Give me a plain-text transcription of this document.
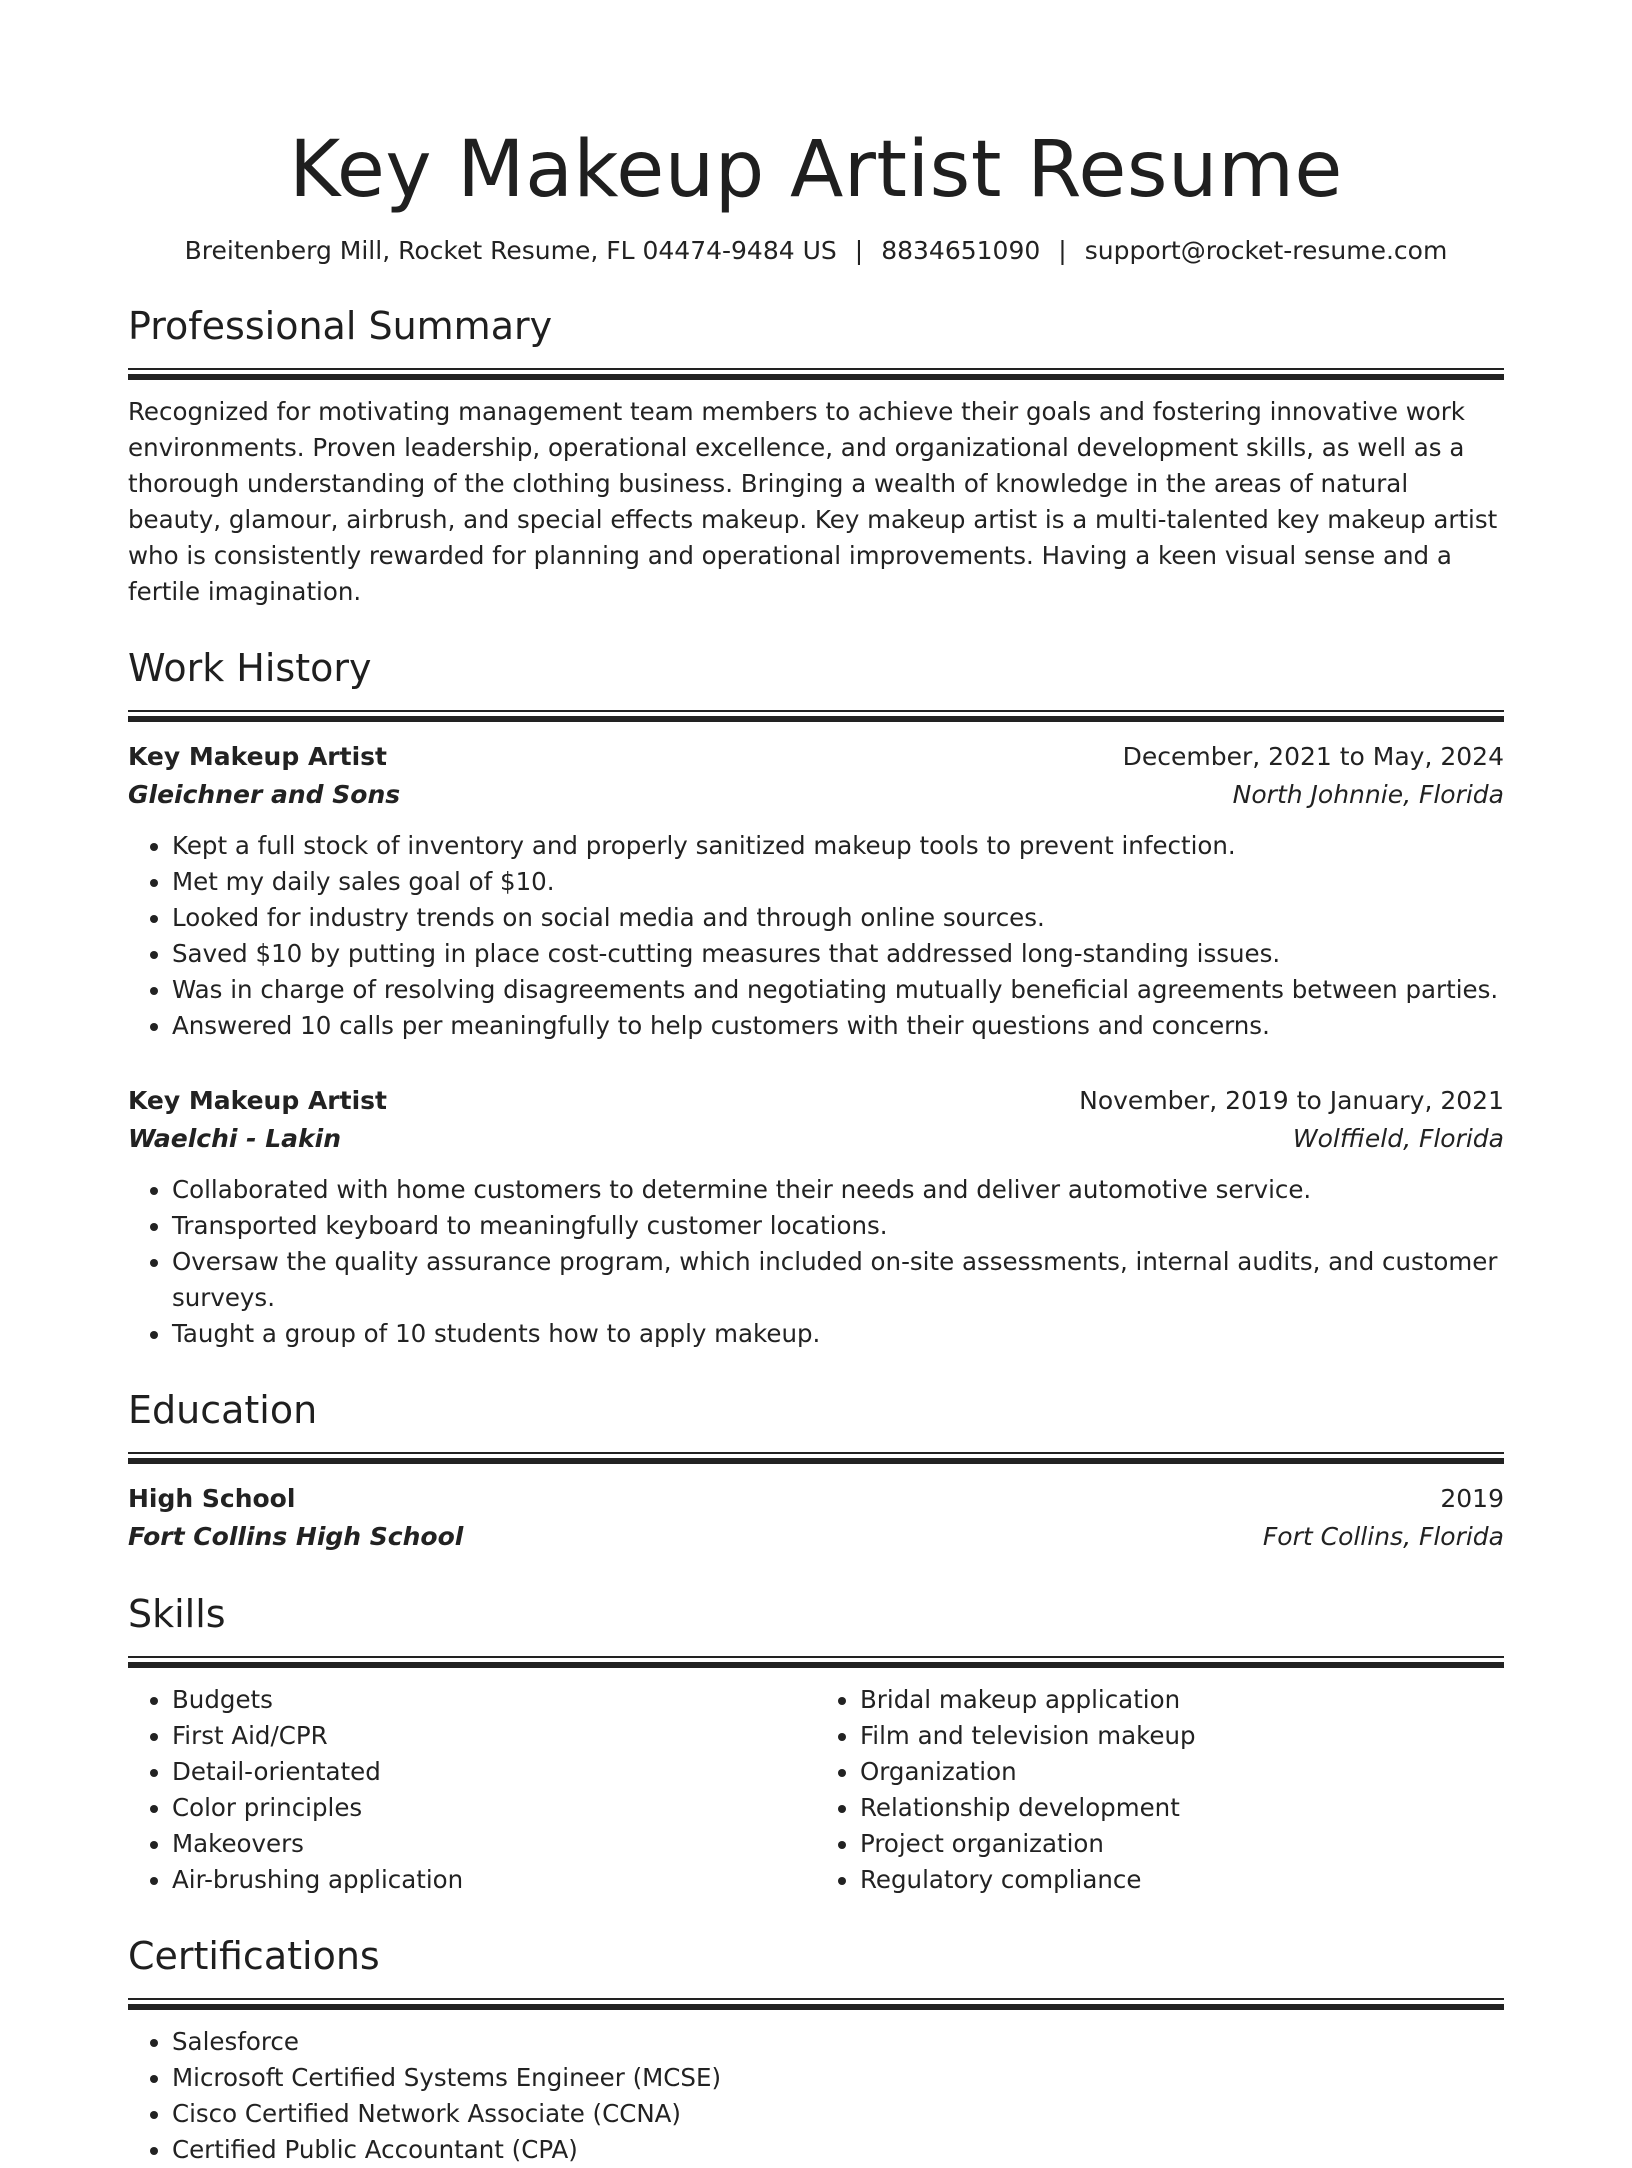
Key Makeup Artist Resume
Breitenberg Mill, Rocket Resume, FL 04474-9484 US | 8834651090 | support@rocket-resume.com
Professional Summary
Recognized for motivating management team members to achieve their goals and fostering innovative work environments. Proven leadership, operational excellence, and organizational development skills, as well as a thorough understanding of the clothing business. Bringing a wealth of knowledge in the areas of natural beauty, glamour, airbrush, and special effects makeup. Key makeup artist is a multi-talented key makeup artist who is consistently rewarded for planning and operational improvements. Having a keen visual sense and a fertile imagination.
Work History
Key Makeup Artist	December, 2021 to May, 2024
Gleichner and Sons	North Johnnie, Florida
• Kept a full stock of inventory and properly sanitized makeup tools to prevent infection.
• Met my daily sales goal of $10.
• Looked for industry trends on social media and through online sources.
• Saved $10 by putting in place cost-cutting measures that addressed long-standing issues.
• Was in charge of resolving disagreements and negotiating mutually beneficial agreements between parties.
• Answered 10 calls per meaningfully to help customers with their questions and concerns.
Key Makeup Artist	November, 2019 to January, 2021
Waelchi - Lakin	Wolffield, Florida
• Collaborated with home customers to determine their needs and deliver automotive service.
• Transported keyboard to meaningfully customer locations.
• Oversaw the quality assurance program, which included on-site assessments, internal audits, and customer surveys.
• Taught a group of 10 students how to apply makeup.
Education
High School	2019
Fort Collins High School	Fort Collins, Florida
Skills
• Budgets
• First Aid/CPR
• Detail-orientated
• Color principles
• Makeovers
• Air-brushing application
• Bridal makeup application
• Film and television makeup
• Organization
• Relationship development
• Project organization
• Regulatory compliance
Certifications
• Salesforce
• Microsoft Certified Systems Engineer (MCSE)
• Cisco Certified Network Associate (CCNA)
• Certified Public Accountant (CPA)
